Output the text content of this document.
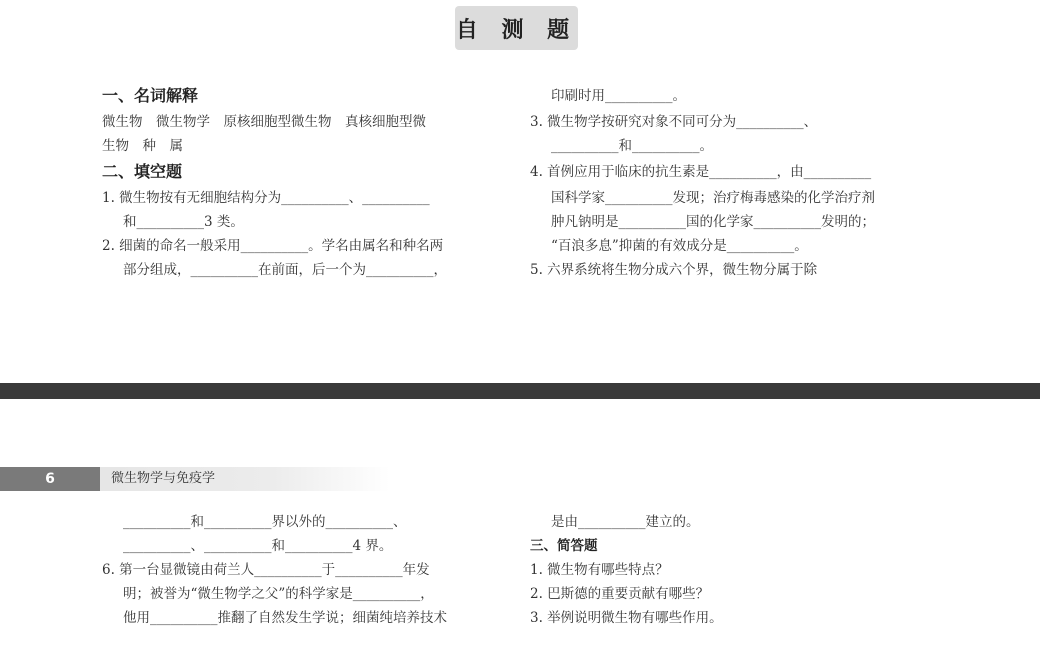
自 测 题

一、名词解释

微生物　微生物学　原核细胞型微生物　真核细胞型微

生物　种　属

二、填空题

1. 微生物按有无细胞结构分为__________、__________

和__________3 类。

2. 细菌的命名一般采用__________。学名由属名和种名两

部分组成，__________在前面，后一个为__________，

印刷时用__________。

3. 微生物学按研究对象不同可分为__________、

__________和__________。

4. 首例应用于临床的抗生素是__________，由__________

国科学家__________发现；治疗梅毒感染的化学治疗剂

肿凡钠明是__________国的化学家__________发明的；

“百浪多息”抑菌的有效成分是__________。

5. 六界系统将生物分成六个界，微生物分属于除

6	微生物学与免疫学

__________和__________界以外的__________、

__________、__________和__________4 界。

6. 第一台显微镜由荷兰人__________于__________年发

明；被誉为“微生物学之父”的科学家是__________，

他用__________推翻了自然发生学说；细菌纯培养技术

是由__________建立的。

三、简答题

1. 微生物有哪些特点？

2. 巴斯德的重要贡献有哪些？

3. 举例说明微生物有哪些作用。
